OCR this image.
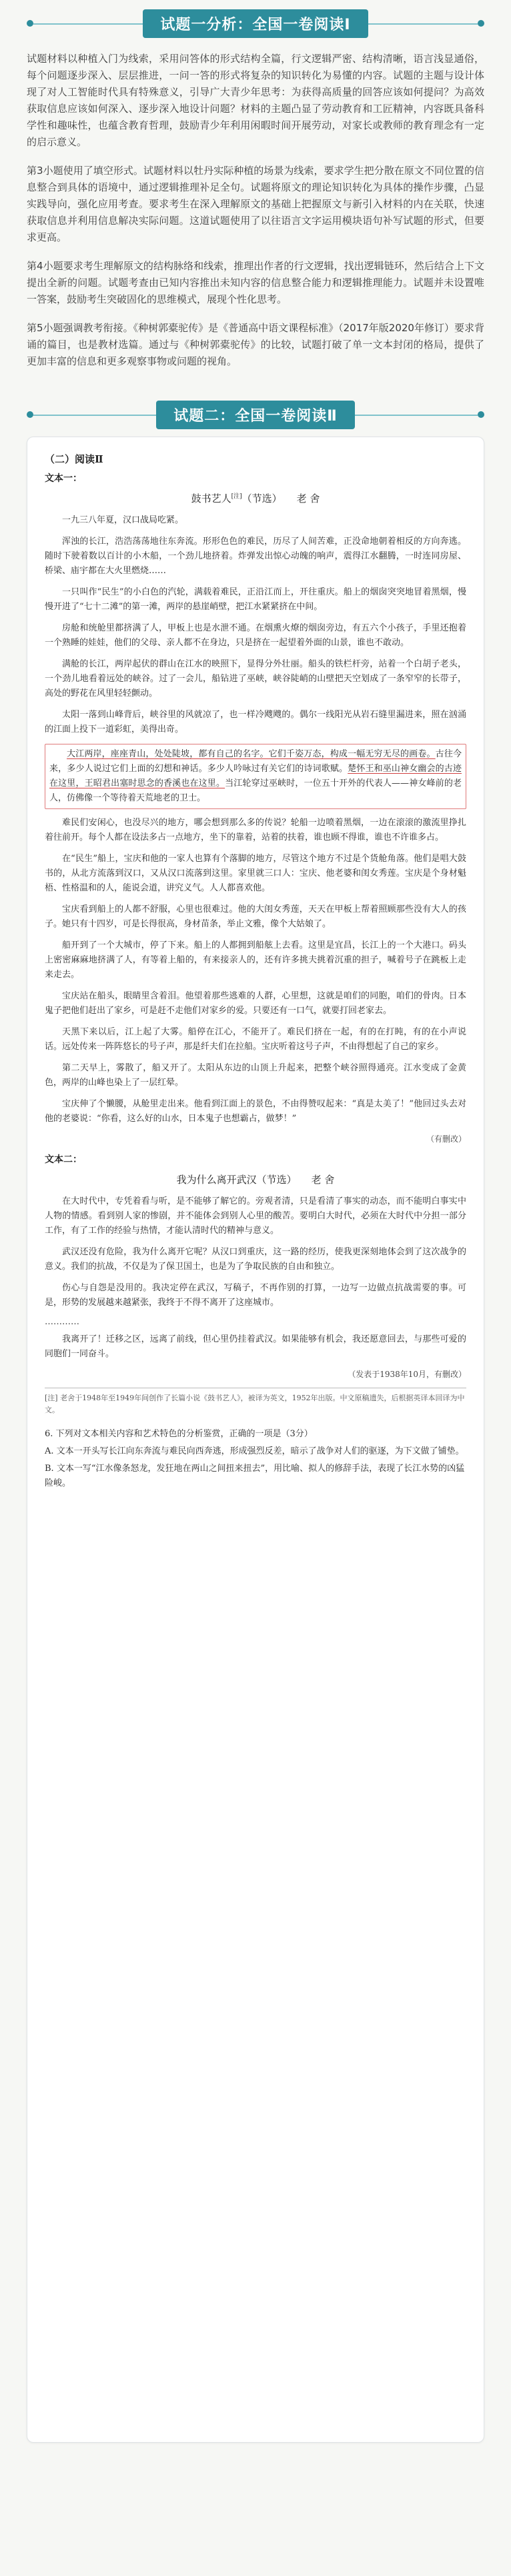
试题一分析：全国一卷阅读Ⅰ

试题材料以种植入门为线索，采用问答体的形式结构全篇，行文逻辑严密、结构清晰，语言浅显通俗，每个问题逐步深入、层层推进，一问一答的形式将复杂的知识转化为易懂的内容。试题的主题与设计体现了对人工智能时代具有特殊意义，引导广大青少年思考：为获得高质量的回答应该如何提问？为高效获取信息应该如何深入、逐步深入地设计问题？材料的主题凸显了劳动教育和工匠精神，内容既具备科学性和趣味性，也蕴含教育哲理，鼓励青少年利用闲暇时间开展劳动，对家长或教师的教育理念有一定的启示意义。

第3小题使用了填空形式。试题材料以牡丹实际种植的场景为线索，要求学生把分散在原文不同位置的信息整合到具体的语境中，通过逻辑推理补足全句。试题将原文的理论知识转化为具体的操作步骤，凸显实践导向，强化应用考查。要求考生在深入理解原文的基础上把握原文与新引入材料的内在关联，快速获取信息并利用信息解决实际问题。这道试题使用了以往语言文字运用模块语句补写试题的形式，但要求更高。

第4小题要求考生理解原文的结构脉络和线索，推理出作者的行文逻辑，找出逻辑链环，然后结合上下文提出全新的问题。试题考查由已知内容推出未知内容的信息整合能力和逻辑推理能力。试题并未设置唯一答案，鼓励考生突破固化的思维模式，展现个性化思考。

第5小题强调教考衔接。《种树郭橐驼传》是《普通高中语文课程标准》（2017年版2020年修订）要求背诵的篇目，也是教材选篇。通过与《种树郭橐驼传》的比较，试题打破了单一文本封闭的格局，提供了更加丰富的信息和更多观察事物或问题的视角。

试题二：全国一卷阅读Ⅱ
（二）阅读Ⅱ
文本一：
鼓书艺人[注]（节选） 老 舍

一九三八年夏，汉口战局吃紧。

浑浊的长江，浩浩荡荡地往东奔流。形形色色的难民，历尽了人间苦难，正没命地朝着相反的方向奔逃。随时下驶着数以百计的小木船，一个劲儿地挤着。炸弹发出惊心动魄的响声，震得江水翻腾，一时连同房屋、桥梁、庙宇都在大火里燃烧……

一只叫作“民生”的小白色的汽轮，满载着难民，正沿江而上，开往重庆。船上的烟囱突突地冒着黑烟，慢慢开进了“七十二滩”的第一滩，两岸的悬崖峭壁，把江水紧紧挤在中间。

房舱和统舱里都挤满了人，甲板上也是水泄不通。在烟熏火燎的烟囱旁边，有五六个小孩子，手里还抱着一个熟睡的娃娃，他们的父母、亲人都不在身边，只是挤在一起望着外面的山景，谁也不敢动。

满舱的长江，两岸起伏的群山在江水的映照下，显得分外壮丽。船头的铁栏杆旁，站着一个白胡子老头，一个劲儿地看着远处的峡谷。过了一会儿，船钻进了巫峡，峡谷陡峭的山壁把天空划成了一条窄窄的长带子，高处的野花在风里轻轻颤动。

太阳一落到山峰背后，峡谷里的风就凉了，也一样冷飕飕的。偶尔一线阳光从岩石缝里漏进来，照在汹涌的江面上投下一道彩虹，美得出奇。

大江两岸，座座青山，处处陡坡，都有自己的名字。它们千姿万态，构成一幅无穷无尽的画卷。古往今来，多少人说过它们上面的幻想和神话。多少人吟咏过有关它们的诗词歌赋。楚怀王和巫山神女幽会的古迹在这里，王昭君出塞时思念的香溪也在这里。当江轮穿过巫峡时，一位五十开外的代表人——神女峰前的老人，仿佛像一个等待着天荒地老的卫士。

难民们安闲心，也没尽兴的地方，哪会想到那么多的传说？轮船一边喷着黑烟，一边在滚滚的激流里挣扎着往前开。每个人都在设法多占一点地方，坐下的靠着，站着的扶着，谁也顾不得谁，谁也不许谁多占。

在“民生”船上，宝庆和他的一家人也算有个落脚的地方，尽管这个地方不过是个货舱角落。他们是唱大鼓书的，从北方流落到汉口，又从汉口流落到这里。家里就三口人：宝庆、他老婆和闺女秀莲。宝庆是个身材魁梧、性格温和的人，能说会道，讲究义气。人人都喜欢他。

宝庆看到船上的人都不舒服，心里也很难过。他的大闺女秀莲，天天在甲板上帮着照顾那些没有大人的孩子。她只有十四岁，可是长得很高，身材苗条，举止文雅，像个大姑娘了。

船开到了一个大城市，停了下来。船上的人都拥到船舷上去看。这里是宜昌，长江上的一个大港口。码头上密密麻麻地挤满了人，有等着上船的，有来接亲人的，还有许多挑夫挑着沉重的担子，喊着号子在跳板上走来走去。

宝庆站在船头，眼睛里含着泪。他望着那些逃难的人群，心里想，这就是咱们的同胞，咱们的骨肉。日本鬼子把他们赶出了家乡，可是赶不走他们对家乡的爱。只要还有一口气，就要打回老家去。

天黑下来以后，江上起了大雾。船停在江心，不能开了。难民们挤在一起，有的在打盹，有的在小声说话。远处传来一阵阵悠长的号子声，那是纤夫们在拉船。宝庆听着这号子声，不由得想起了自己的家乡。

第二天早上，雾散了，船又开了。太阳从东边的山顶上升起来，把整个峡谷照得通亮。江水变成了金黄色，两岸的山峰也染上了一层红晕。

宝庆伸了个懒腰，从舱里走出来。他看到江面上的景色，不由得赞叹起来：“真是太美了！”他回过头去对他的老婆说：“你看，这么好的山水，日本鬼子也想霸占，做梦！”

（有删改）
文本二：
我为什么离开武汉（节选） 老 舍

在大时代中，专凭着看与听，是不能够了解它的。旁观者清，只是看清了事实的动态，而不能明白事实中人物的情感。看到别人家的惨剧，并不能体会到别人心里的酸苦。要明白大时代，必须在大时代中分担一部分工作，有了工作的经验与热情，才能认清时代的精神与意义。

武汉还没有危险，我为什么离开它呢？从汉口到重庆，这一路的经历，使我更深刻地体会到了这次战争的意义。我们的抗战，不仅是为了保卫国土，也是为了争取民族的自由和独立。

伤心与自怨是没用的。我决定停在武汉，写稿子，不再作别的打算，一边写一边做点抗战需要的事。可是，形势的发展越来越紧张，我终于不得不离开了这座城市。

…………

我离开了！迁移之区，远离了前线，但心里仍挂着武汉。如果能够有机会，我还愿意回去，与那些可爱的同胞们一同奋斗。

（发表于1938年10月，有删改）
[注] 老舍于1948年至1949年间创作了长篇小说《鼓书艺人》，被译为英文，1952年出版。中文原稿遗失，后根据英译本回译为中文。
6. 下列对文本相关内容和艺术特色的分析鉴赏，正确的一项是（3分）
A. 文本一开头写长江向东奔流与难民向西奔逃，形成强烈反差，暗示了战争对人们的驱逐，为下文做了铺垫。
B. 文本一写“江水像条怒龙，发狂地在两山之间扭来扭去”，用比喻、拟人的修辞手法，表现了长江水势的凶猛险峻。
